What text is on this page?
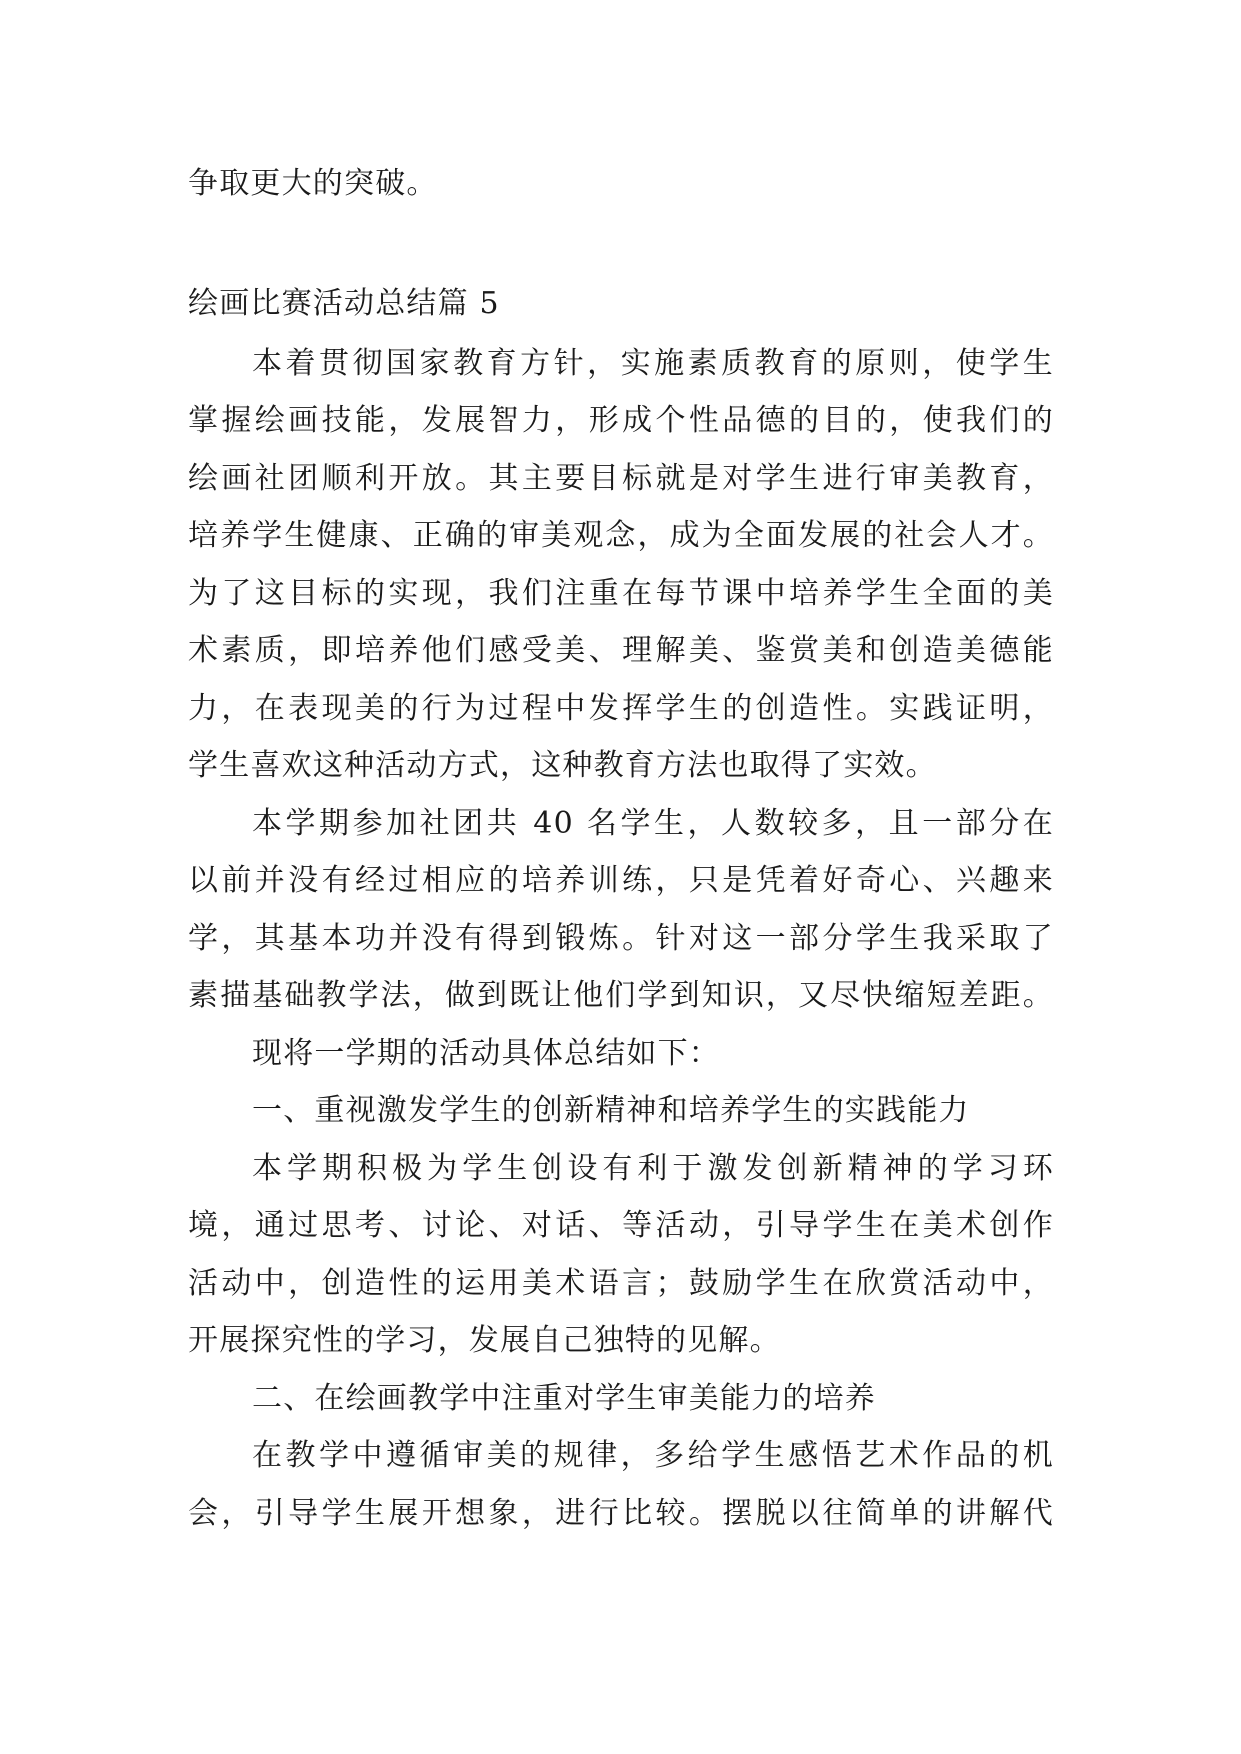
争取更大的突破。
绘画比赛活动总结篇 5
本着贯彻国家教育方针，实施素质教育的原则，使学生
掌握绘画技能，发展智力，形成个性品德的目的，使我们的
绘画社团顺利开放。其主要目标就是对学生进行审美教育，
培养学生健康、正确的审美观念，成为全面发展的社会人才。
为了这目标的实现，我们注重在每节课中培养学生全面的美
术素质，即培养他们感受美、理解美、鉴赏美和创造美德能
力，在表现美的行为过程中发挥学生的创造性。实践证明，
学生喜欢这种活动方式，这种教育方法也取得了实效。
本学期参加社团共 40 名学生，人数较多，且一部分在
以前并没有经过相应的培养训练，只是凭着好奇心、兴趣来
学，其基本功并没有得到锻炼。针对这一部分学生我采取了
素描基础教学法，做到既让他们学到知识，又尽快缩短差距。
现将一学期的活动具体总结如下：
一、重视激发学生的创新精神和培养学生的实践能力
本学期积极为学生创设有利于激发创新精神的学习环
境，通过思考、讨论、对话、等活动，引导学生在美术创作
活动中，创造性的运用美术语言；鼓励学生在欣赏活动中，
开展探究性的学习，发展自己独特的见解。
二、在绘画教学中注重对学生审美能力的培养
在教学中遵循审美的规律，多给学生感悟艺术作品的机
会，引导学生展开想象，进行比较。摆脱以往简单的讲解代
